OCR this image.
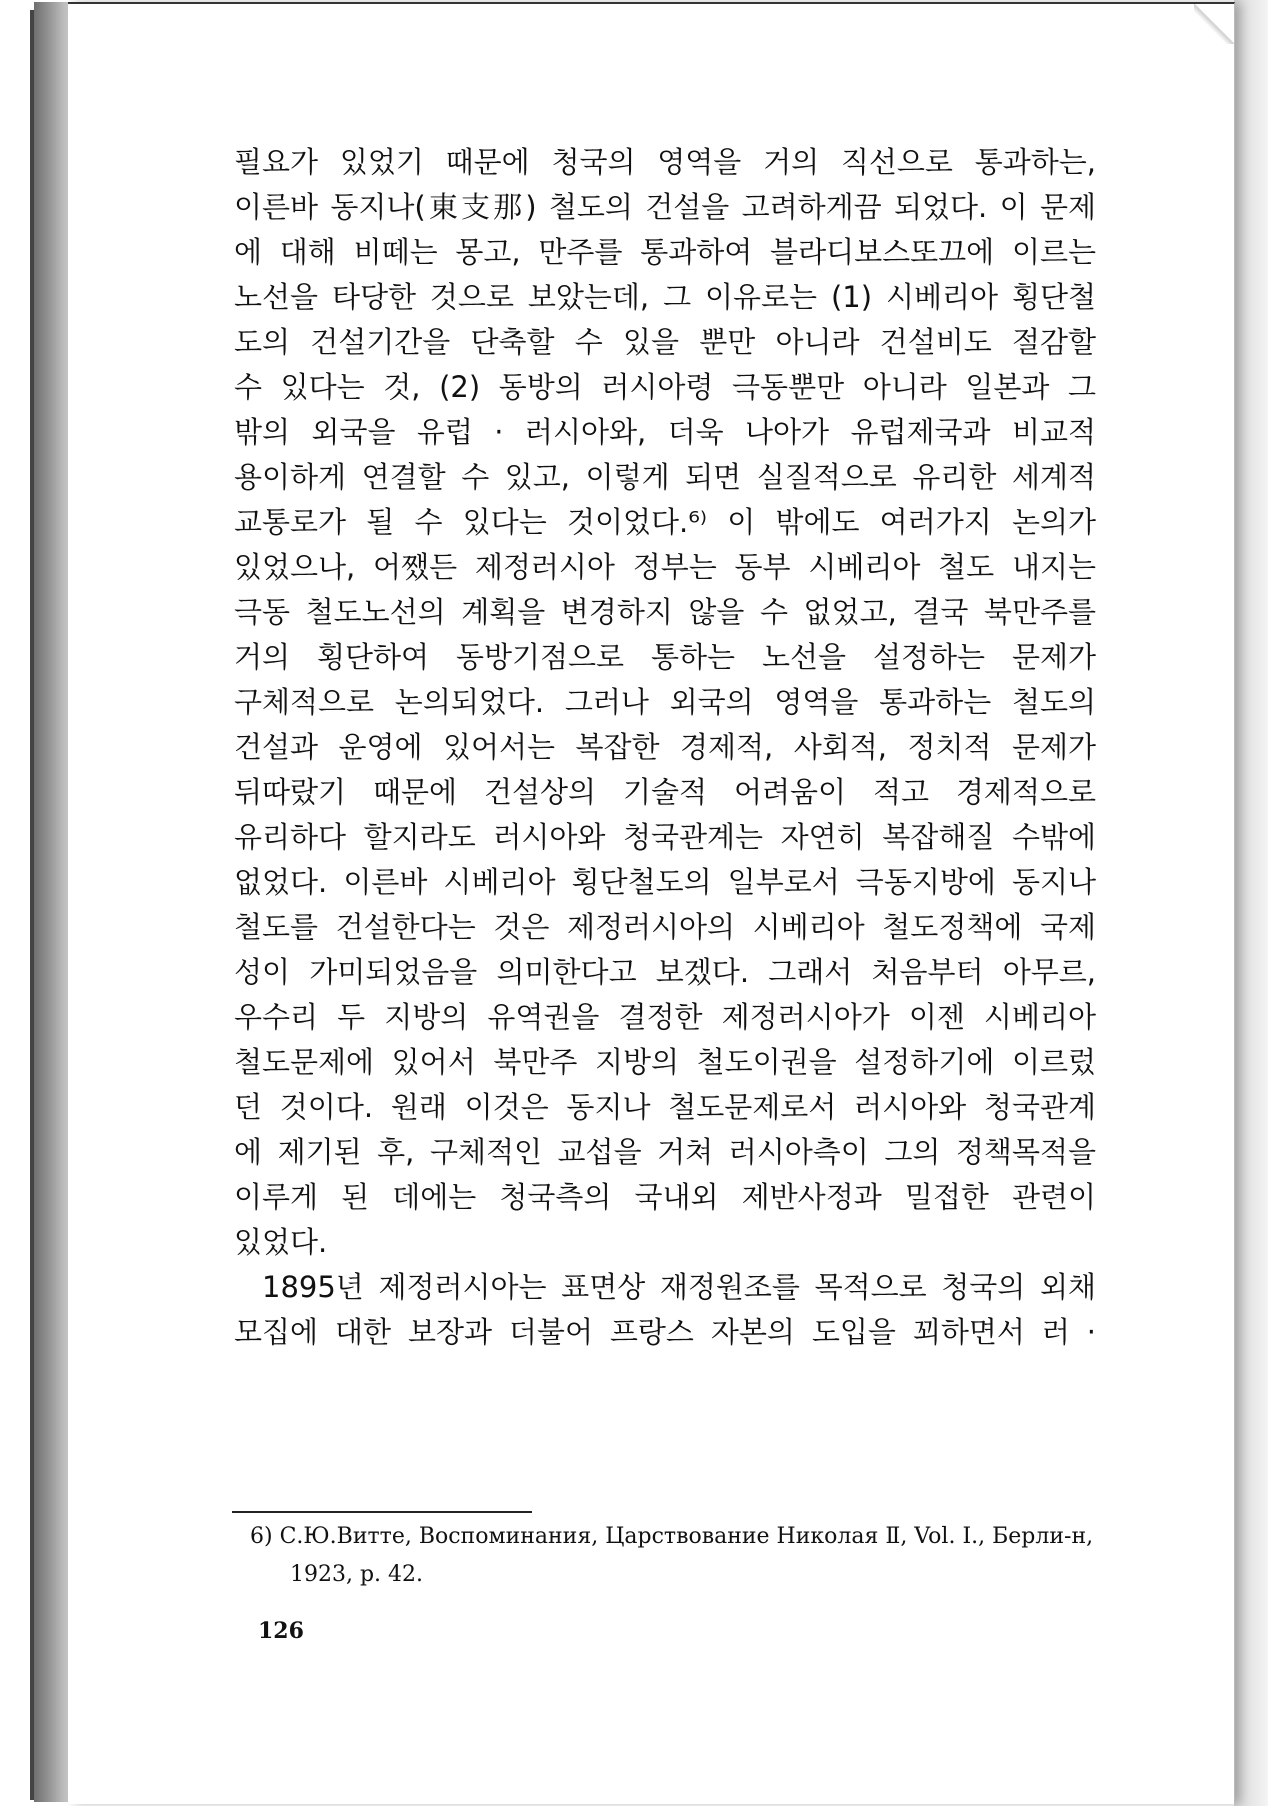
필요가 있었기 때문에 청국의 영역을 거의 직선으로 통과하는,
이른바 동지나(東支那) 철도의 건설을 고려하게끔 되었다. 이 문제
에 대해 비떼는 몽고, 만주를 통과하여 블라디보스또끄에 이르는
노선을 타당한 것으로 보았는데, 그 이유로는 (1) 시베리아 횡단철
도의 건설기간을 단축할 수 있을 뿐만 아니라 건설비도 절감할
수 있다는 것, (2) 동방의 러시아령 극동뿐만 아니라 일본과 그
밖의 외국을 유럽 · 러시아와, 더욱 나아가 유럽제국과 비교적
용이하게 연결할 수 있고, 이렇게 되면 실질적으로 유리한 세계적
교통로가 될 수 있다는 것이었다.⁶⁾ 이 밖에도 여러가지 논의가
있었으나, 어쨌든 제정러시아 정부는 동부 시베리아 철도 내지는
극동 철도노선의 계획을 변경하지 않을 수 없었고, 결국 북만주를
거의 횡단하여 동방기점으로 통하는 노선을 설정하는 문제가
구체적으로 논의되었다. 그러나 외국의 영역을 통과하는 철도의
건설과 운영에 있어서는 복잡한 경제적, 사회적, 정치적 문제가
뒤따랐기 때문에 건설상의 기술적 어려움이 적고 경제적으로
유리하다 할지라도 러시아와 청국관계는 자연히 복잡해질 수밖에
없었다. 이른바 시베리아 횡단철도의 일부로서 극동지방에 동지나
철도를 건설한다는 것은 제정러시아의 시베리아 철도정책에 국제
성이 가미되었음을 의미한다고 보겠다. 그래서 처음부터 아무르,
우수리 두 지방의 유역권을 결정한 제정러시아가 이젠 시베리아
철도문제에 있어서 북만주 지방의 철도이권을 설정하기에 이르렀
던 것이다. 원래 이것은 동지나 철도문제로서 러시아와 청국관계
에 제기된 후, 구체적인 교섭을 거쳐 러시아측이 그의 정책목적을
이루게 된 데에는 청국측의 국내외 제반사정과 밀접한 관련이
있었다.
1895년 제정러시아는 표면상 재정원조를 목적으로 청국의 외채
모집에 대한 보장과 더불어 프랑스 자본의 도입을 꾀하면서 러 ·
6) С.Ю.Витте, Воспоминания, Царствование Николая Ⅱ, Vol. Ⅰ., Берли-н,
1923, p. 42.
126
